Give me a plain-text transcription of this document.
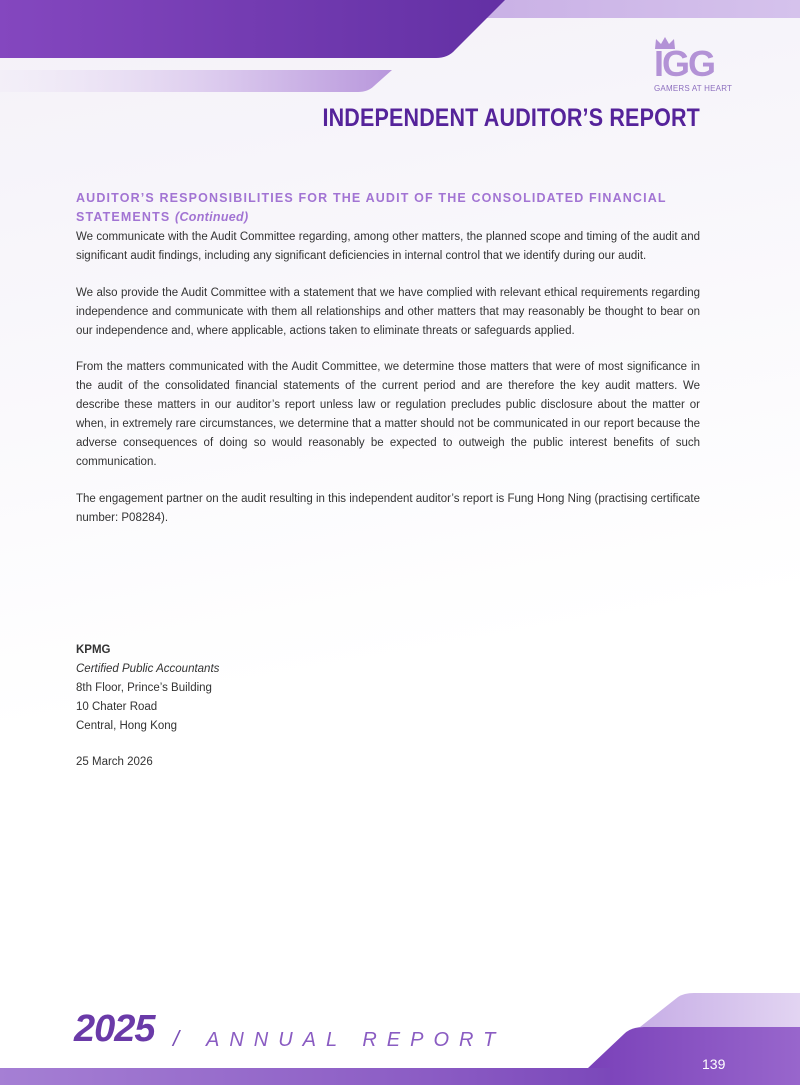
IGG
GAMERS AT HEART
INDEPENDENT AUDITOR’S REPORT
AUDITOR’S RESPONSIBILITIES FOR THE AUDIT OF THE CONSOLIDATED FINANCIAL STATEMENTS (Continued)

We communicate with the Audit Committee regarding, among other matters, the planned scope and timing of the audit and significant audit findings, including any significant deficiencies in internal control that we identify during our audit.

We also provide the Audit Committee with a statement that we have complied with relevant ethical requirements regarding independence and communicate with them all relationships and other matters that may reasonably be thought to bear on our independence and, where applicable, actions taken to eliminate threats or safeguards applied.

From the matters communicated with the Audit Committee, we determine those matters that were of most significance in the audit of the consolidated financial statements of the current period and are therefore the key audit matters. We describe these matters in our auditor’s report unless law or regulation precludes public disclosure about the matter or when, in extremely rare circumstances, we determine that a matter should not be communicated in our report because the adverse consequences of doing so would reasonably be expected to outweigh the public interest benefits of such communication.

The engagement partner on the audit resulting in this independent auditor’s report is Fung Hong Ning (practising certificate number: P08284).

KPMG
Certified Public Accountants
8th Floor, Prince’s Building
10 Chater Road
Central, Hong Kong
25 March 2026
2025 / ANNUAL REPORT
139
